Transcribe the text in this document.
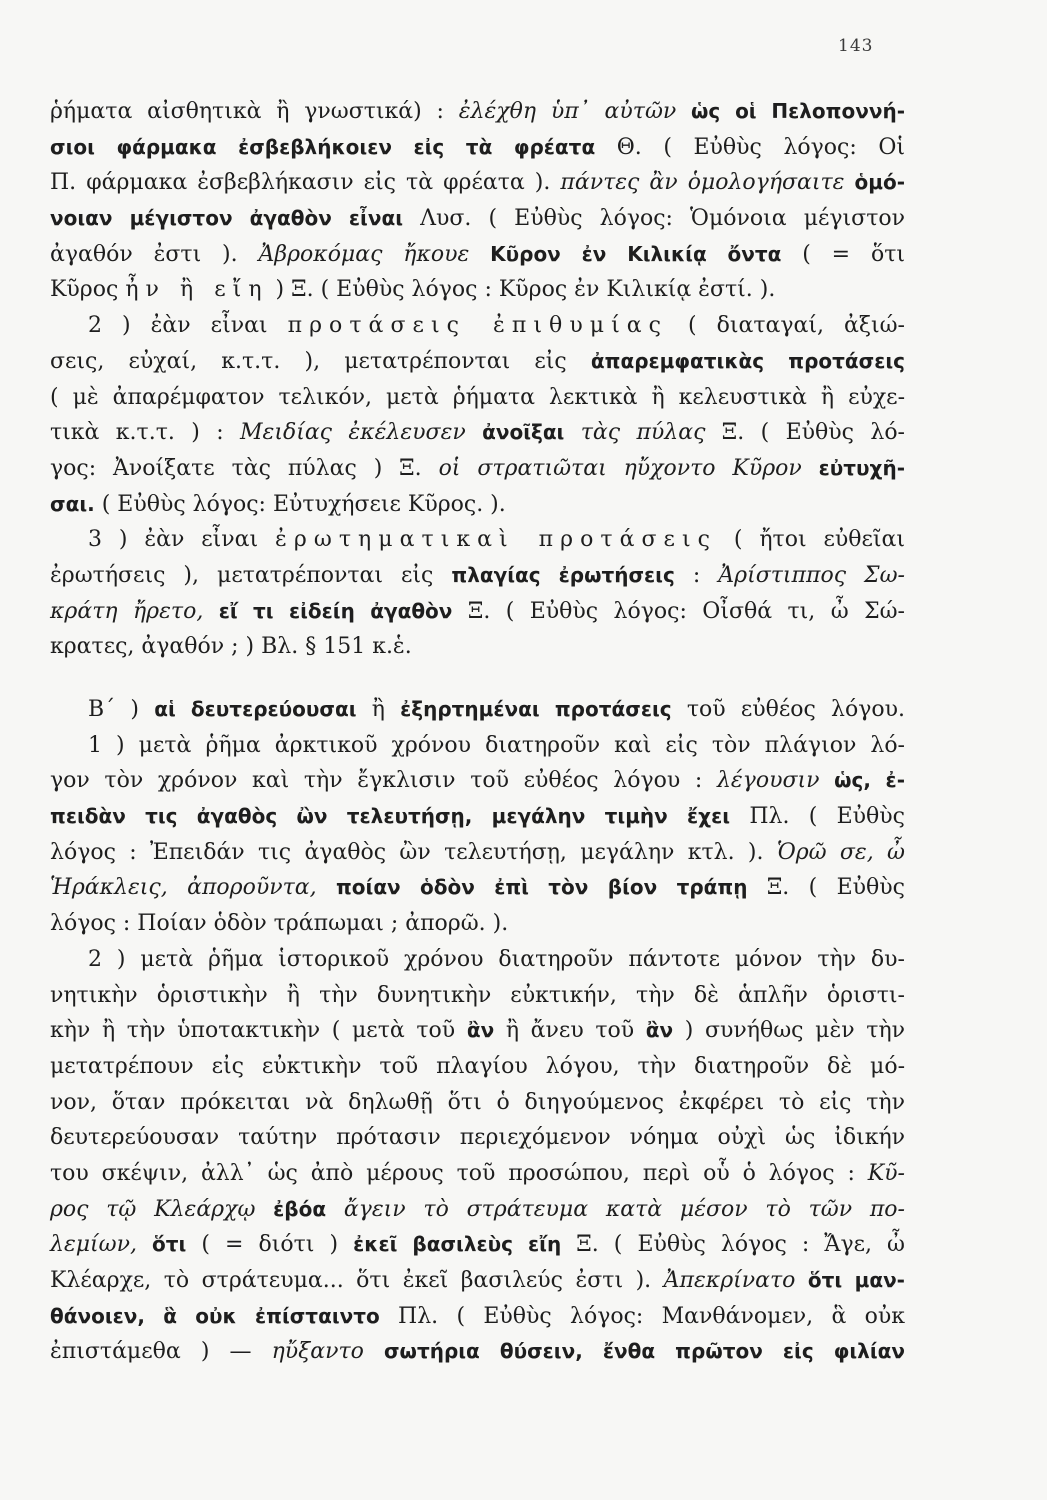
143
ῥήματα αἰσθητικὰ ἢ γνωστικά) : ἐλέχθη ὑπ᾽ αὐτῶν ὡς οἱ Πελοποννή-
σιοι φάρμακα ἐσβεβλήκοιεν εἰς τὰ φρέατα Θ. ( Εὐθὺς λόγος: Οἱ
Π. φάρμακα ἐσβεβλήκασιν εἰς τὰ φρέατα ). πάντες ἂν ὁμολογήσαιτε ὁμό-
νοιαν μέγιστον ἀγαθὸν εἶναι Λυσ. ( Εὐθὺς λόγος: Ὁμόνοια μέγιστον
ἀγαθόν ἐστι ). Ἀβροκόμας ἤκουε Κῦρον ἐν Κιλικίᾳ ὄντα ( = ὅτι
Κῦρος ἦν ἢ εἴη ) Ξ. ( Εὐθὺς λόγος : Κῦρος ἐν Κιλικίᾳ ἐστί. ).
2 ) ἐὰν εἶναι προτάσεις ἐπιθυμίας ( διαταγαί, ἀξιώ-
σεις, εὐχαί, κ.τ.τ. ), μετατρέπονται εἰς ἀπαρεμφατικὰς προτάσεις
( μὲ ἀπαρέμφατον τελικόν, μετὰ ῥήματα λεκτικὰ ἢ κελευστικὰ ἢ εὐχε-
τικὰ κ.τ.τ. ) : Μειδίας ἐκέλευσεν ἀνοῖξαι τὰς πύλας Ξ. ( Εὐθὺς λό-
γος: Ἀνοίξατε τὰς πύλας ) Ξ. οἱ στρατιῶται ηὔχοντο Κῦρον εὐτυχῆ-
σαι. ( Εὐθὺς λόγος: Εὐτυχήσειε Κῦρος. ).
3 ) ἐὰν εἶναι ἐρωτηματικαὶ προτάσεις ( ἤτοι εὐθεῖαι
ἐρωτήσεις ), μετατρέπονται εἰς πλαγίας ἐρωτήσεις : Ἀρίστιππος Σω-
κράτη ἤρετο, εἴ τι εἰδείη ἀγαθὸν Ξ. ( Εὐθὺς λόγος: Οἶσθά τι, ὦ Σώ-
κρατες, ἀγαθόν ; ) Βλ. § 151 κ.ἑ.
Β´ ) αἱ δευτερεύουσαι ἢ ἐξηρτημέναι προτάσεις τοῦ εὐθέος λόγου.
1 ) μετὰ ῥῆμα ἀρκτικοῦ χρόνου διατηροῦν καὶ εἰς τὸν πλάγιον λό-
γον τὸν χρόνον καὶ τὴν ἔγκλισιν τοῦ εὐθέος λόγου : λέγουσιν ὡς, ἐ-
πειδὰν τις ἀγαθὸς ὢν τελευτήσῃ, μεγάλην τιμὴν ἔχει Πλ. ( Εὐθὺς
λόγος : Ἐπειδάν τις ἀγαθὸς ὢν τελευτήσῃ, μεγάλην κτλ. ). Ὁρῶ σε, ὦ
Ἡράκλεις, ἀποροῦντα, ποίαν ὁδὸν ἐπὶ τὸν βίον τράπῃ Ξ. ( Εὐθὺς
λόγος : Ποίαν ὁδὸν τράπωμαι ; ἀπορῶ. ).
2 ) μετὰ ῥῆμα ἱστορικοῦ χρόνου διατηροῦν πάντοτε μόνον τὴν δυ-
νητικὴν ὁριστικὴν ἢ τὴν δυνητικὴν εὐκτικήν, τὴν δὲ ἁπλῆν ὁριστι-
κὴν ἢ τὴν ὑποτακτικὴν ( μετὰ τοῦ ἂν ἢ ἄνευ τοῦ ἂν ) συνήθως μὲν τὴν
μετατρέπουν εἰς εὐκτικὴν τοῦ πλαγίου λόγου, τὴν διατηροῦν δὲ μό-
νον, ὅταν πρόκειται νὰ δηλωθῇ ὅτι ὁ διηγούμενος ἐκφέρει τὸ εἰς τὴν
δευτερεύουσαν ταύτην πρότασιν περιεχόμενον νόημα οὐχὶ ὡς ἰδικήν
του σκέψιν, ἀλλ᾽ ὡς ἀπὸ μέρους τοῦ προσώπου, περὶ οὗ ὁ λόγος : Κῦ-
ρος τῷ Κλεάρχῳ ἐβόα ἄγειν τὸ στράτευμα κατὰ μέσον τὸ τῶν πο-
λεμίων, ὅτι ( = διότι ) ἐκεῖ βασιλεὺς εἴη Ξ. ( Εὐθὺς λόγος : Ἄγε, ὦ
Κλέαρχε, τὸ στράτευμα... ὅτι ἐκεῖ βασιλεύς ἐστι ). Ἀπεκρίνατο ὅτι μαν-
θάνοιεν, ἃ οὐκ ἐπίσταιντο Πλ. ( Εὐθὺς λόγος: Μανθάνομεν, ἃ οὐκ
ἐπιστάμεθα ) — ηὔξαντο σωτήρια θύσειν, ἔνθα πρῶτον εἰς φιλίαν
